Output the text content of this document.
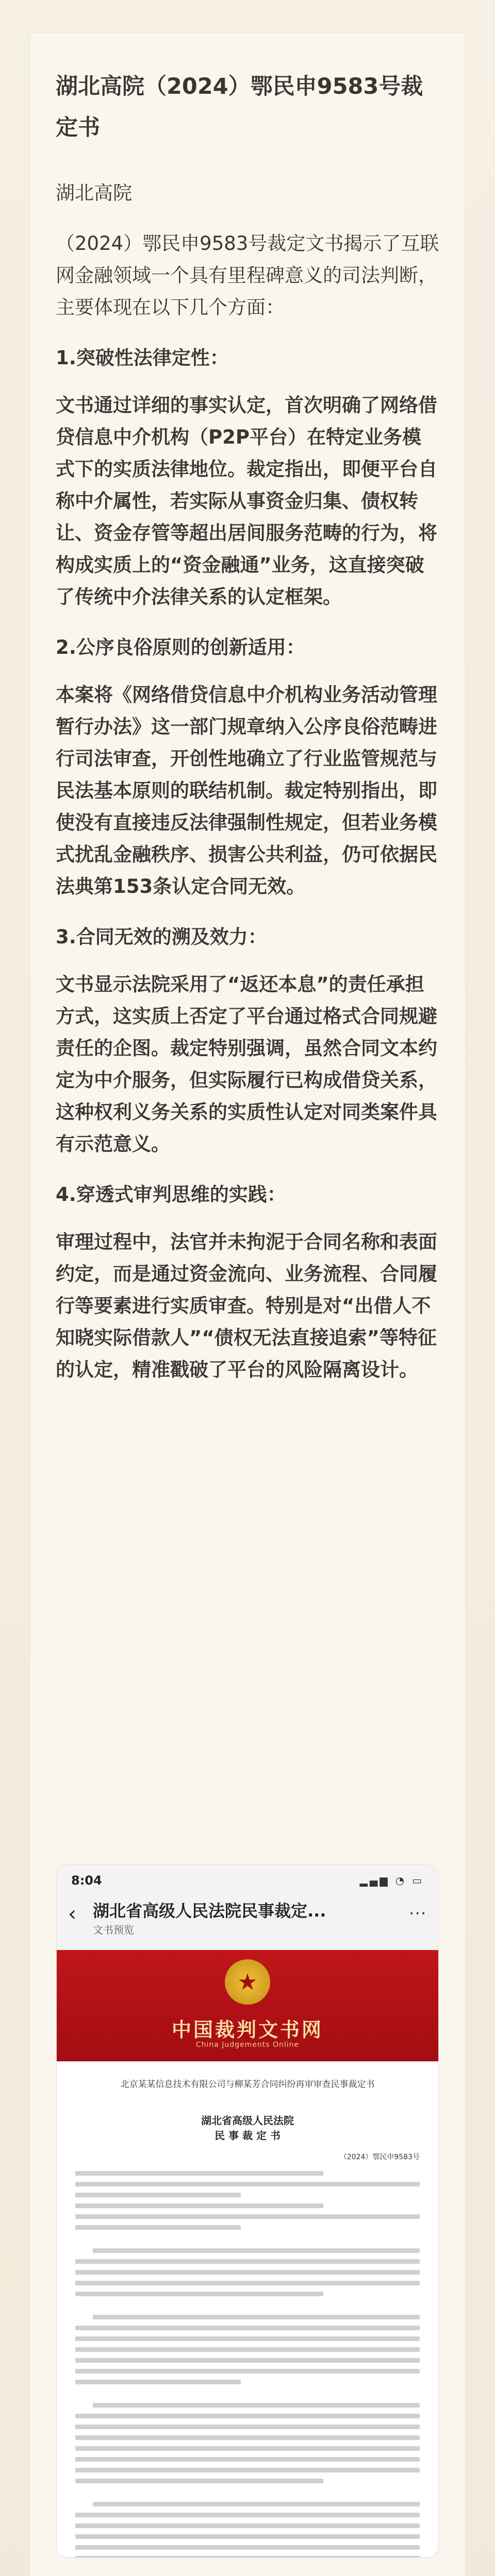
湖北高院（2024）鄂民申9583号裁定书
湖北高院
（2024）鄂民申9583号裁定文书揭示了互联网金融领域一个具有里程碑意义的司法判断，主要体现在以下几个方面：
1.突破性法律定性：
文书通过详细的事实认定，首次明确了网络借贷信息中介机构（P2P平台）在特定业务模式下的实质法律地位。裁定指出，即便平台自称中介属性，若实际从事资金归集、债权转让、资金存管等超出居间服务范畴的行为，将构成实质上的“资金融通”业务，这直接突破了传统中介法律关系的认定框架。
2.公序良俗原则的创新适用：
本案将《网络借贷信息中介机构业务活动管理暂行办法》这一部门规章纳入公序良俗范畴进行司法审查，开创性地确立了行业监管规范与民法基本原则的联结机制。裁定特别指出，即使没有直接违反法律强制性规定，但若业务模式扰乱金融秩序、损害公共利益，仍可依据民法典第153条认定合同无效。
3.合同无效的溯及效力：
文书显示法院采用了“返还本息”的责任承担方式，这实质上否定了平台通过格式合同规避责任的企图。裁定特别强调，虽然合同文本约定为中介服务，但实际履行已构成借贷关系，这种权利义务关系的实质性认定对同类案件具有示范意义。
4.穿透式审判思维的实践：
审理过程中，法官并未拘泥于合同名称和表面约定，而是通过资金流向、业务流程、合同履行等要素进行实质审查。特别是对“出借人不知晓实际借款人”“债权无法直接追索”等特征的认定，精准戳破了平台的风险隔离设计。
8:04	▂▄▆ ◔ ▭
‹	湖北省高级人民法院民事裁定...
文书预览
···
★
中国裁判文书网
China Judgements Online
北京某某信息技术有限公司与柳某芳合同纠纷再审审查民事裁定书
湖北省高级人民法院
民 事 裁 定 书
（2024）鄂民申9583号
